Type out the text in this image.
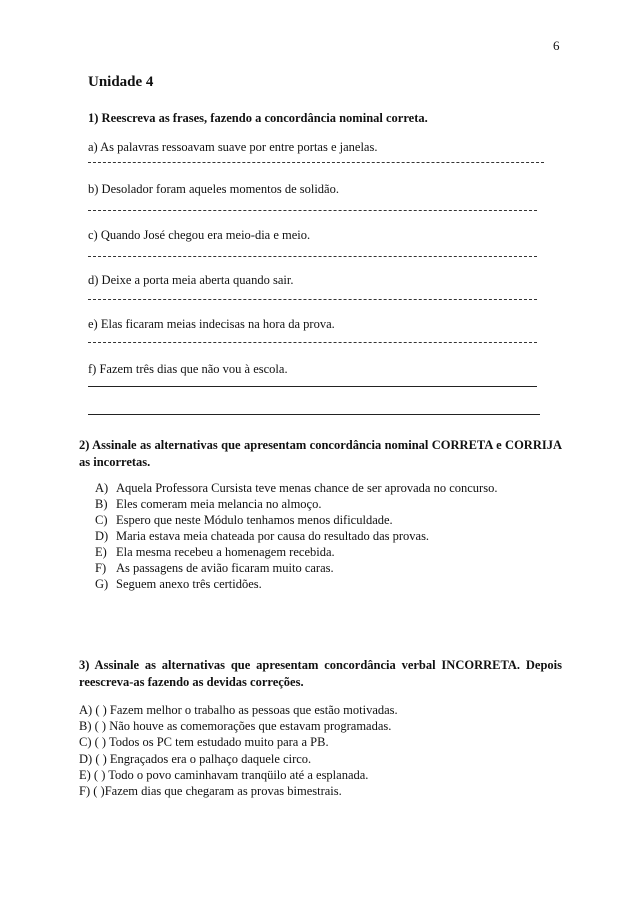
6
Unidade 4
1) Reescreva as frases, fazendo a concordância nominal correta.
a) As palavras ressoavam suave por entre portas e janelas.
b) Desolador foram aqueles momentos de solidão.
c) Quando José chegou era meio-dia e meio.
d) Deixe a porta meia aberta quando sair.
e) Elas ficaram meias indecisas na hora da prova.
f) Fazem três dias que não vou à escola.
2) Assinale as alternativas que apresentam concordância nominal CORRETA e CORRIJA as incorretas.
A) Aquela Professora Cursista teve menas chance de ser aprovada no concurso.
B) Eles comeram meia melancia no almoço.
C) Espero que neste Módulo tenhamos menos dificuldade.
D) Maria estava meia chateada por causa do resultado das provas.
E) Ela mesma recebeu a homenagem recebida.
F) As passagens de avião ficaram muito caras.
G) Seguem anexo três certidões.
3) Assinale as alternativas que apresentam concordância verbal INCORRETA. Depois reescreva-as fazendo as devidas correções.
A) ( ) Fazem melhor o trabalho as pessoas que estão motivadas.
B) ( ) Não houve as comemorações que estavam programadas.
C) ( ) Todos os PC tem estudado muito para a PB.
D) ( ) Engraçados era o palhaço daquele circo.
E) ( ) Todo o povo caminhavam tranqüilo até a esplanada.
F) ( )Fazem dias que chegaram as provas bimestrais.
